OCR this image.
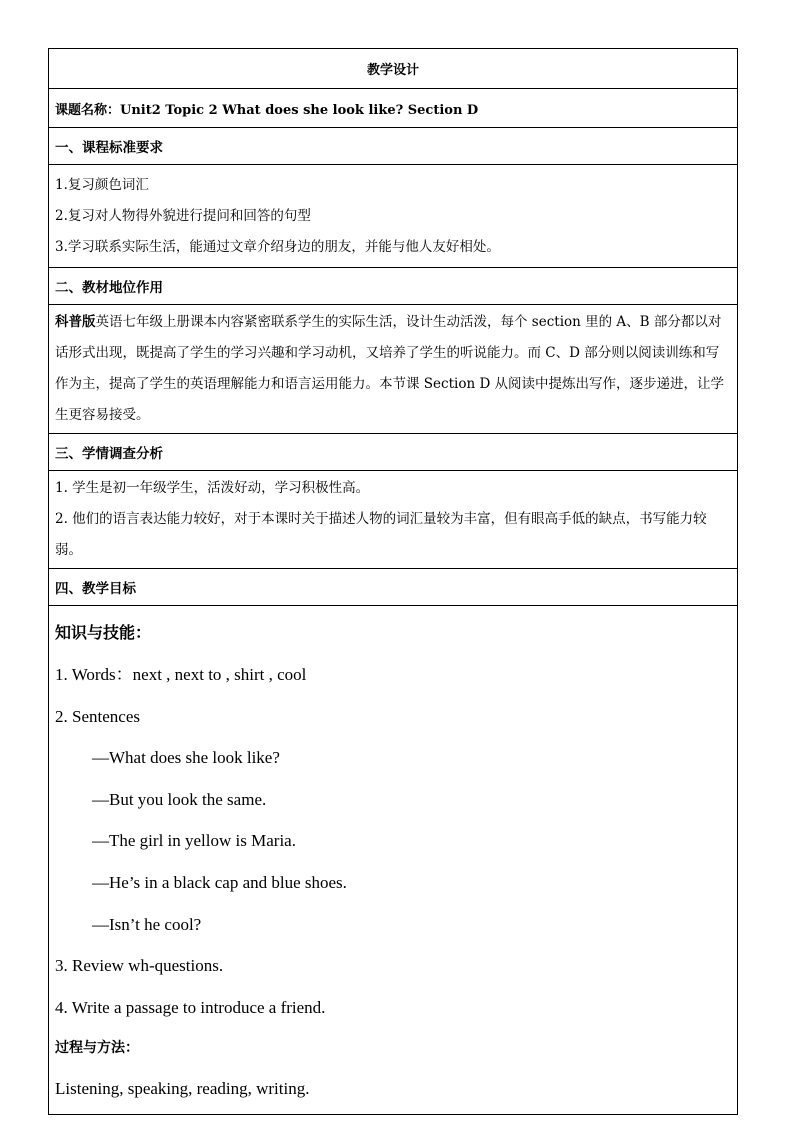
教学设计
课题名称：Unit2 Topic 2 What does she look like? Section D
一、课程标准要求
1.复习颜色词汇
2.复习对人物得外貌进行提问和回答的句型
3.学习联系实际生活，能通过文章介绍身边的朋友，并能与他人友好相处。
二、教材地位作用
科普版英语七年级上册课本内容紧密联系学生的实际生活，设计生动活泼，每个 section 里的 A、B 部分都以对话形式出现，既提高了学生的学习兴趣和学习动机，又培养了学生的听说能力。而 C、D 部分则以阅读训练和写作为主，提高了学生的英语理解能力和语言运用能力。本节课 Section D 从阅读中提炼出写作，逐步递进，让学生更容易接受。
三、学情调查分析
1. 学生是初一年级学生，活泼好动，学习积极性高。
2. 他们的语言表达能力较好，对于本课时关于描述人物的词汇量较为丰富，但有眼高手低的缺点，书写能力较弱。
四、教学目标
知识与技能：
1. Words：next , next to , shirt , cool
2. Sentences
—What does she look like?
—But you look the same.
—The girl in yellow is Maria.
—He’s in a black cap and blue shoes.
—Isn’t he cool?
3. Review wh-questions.
4. Write a passage to introduce a friend.
过程与方法：
Listening, speaking, reading, writing.
